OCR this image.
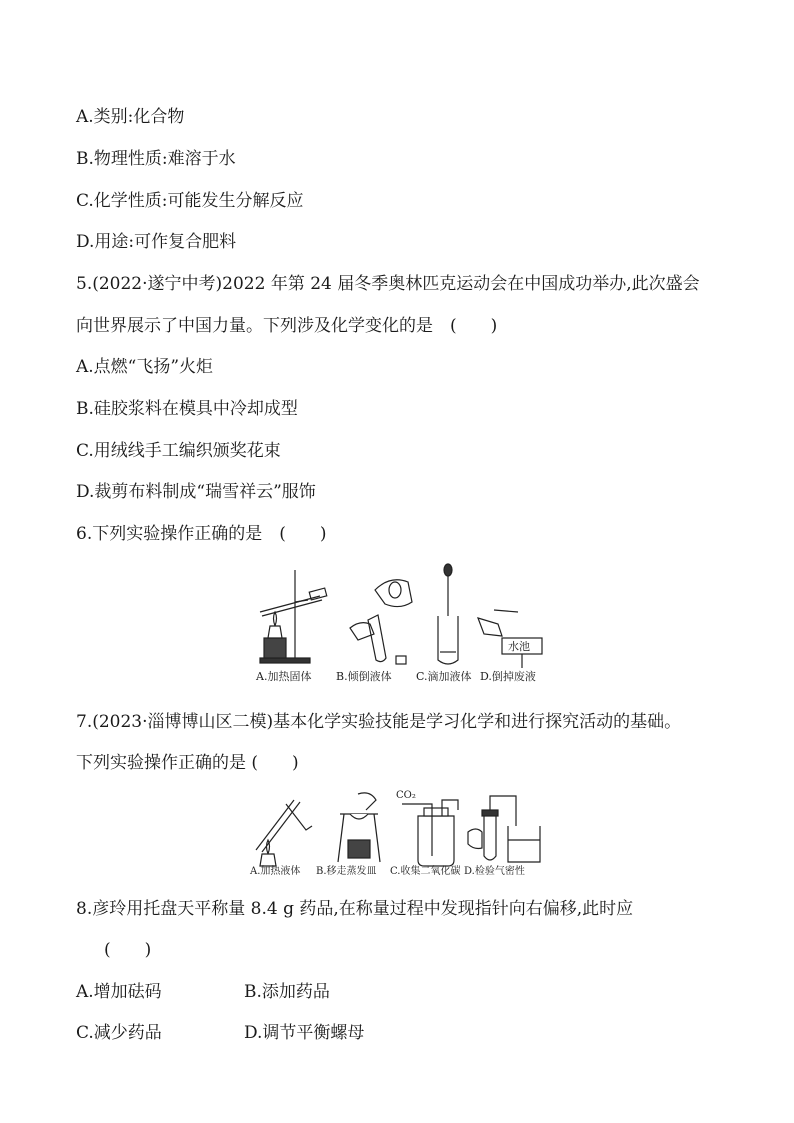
A.类别:化合物
B.物理性质:难溶于水
C.化学性质:可能发生分解反应
D.用途:可作复合肥料
5.(2022·遂宁中考)2022 年第 24 届冬季奥林匹克运动会在中国成功举办,此次盛会
向世界展示了中国力量。下列涉及化学变化的是　(　　)
A.点燃“飞扬”火炬
B.硅胶浆料在模具中冷却成型
C.用绒线手工编织颁奖花束
D.裁剪布料制成“瑞雪祥云”服饰
6.下列实验操作正确的是　(　　)
A.加热固体 B.倾倒液体 C.滴加液体
水池
D.倒掉废液
7.(2023·淄博博山区二模)基本化学实验技能是学习化学和进行探究活动的基础。
下列实验操作正确的是 (　　)
A.加热液体 B.移走蒸发皿
CO₂
C.收集二氧化碳 D.检验气密性
8.彦玲用托盘天平称量 8.4 g 药品,在称量过程中发现指针向右偏移,此时应
(　　)
A.增加砝码	B.添加药品
C.减少药品	D.调节平衡螺母
